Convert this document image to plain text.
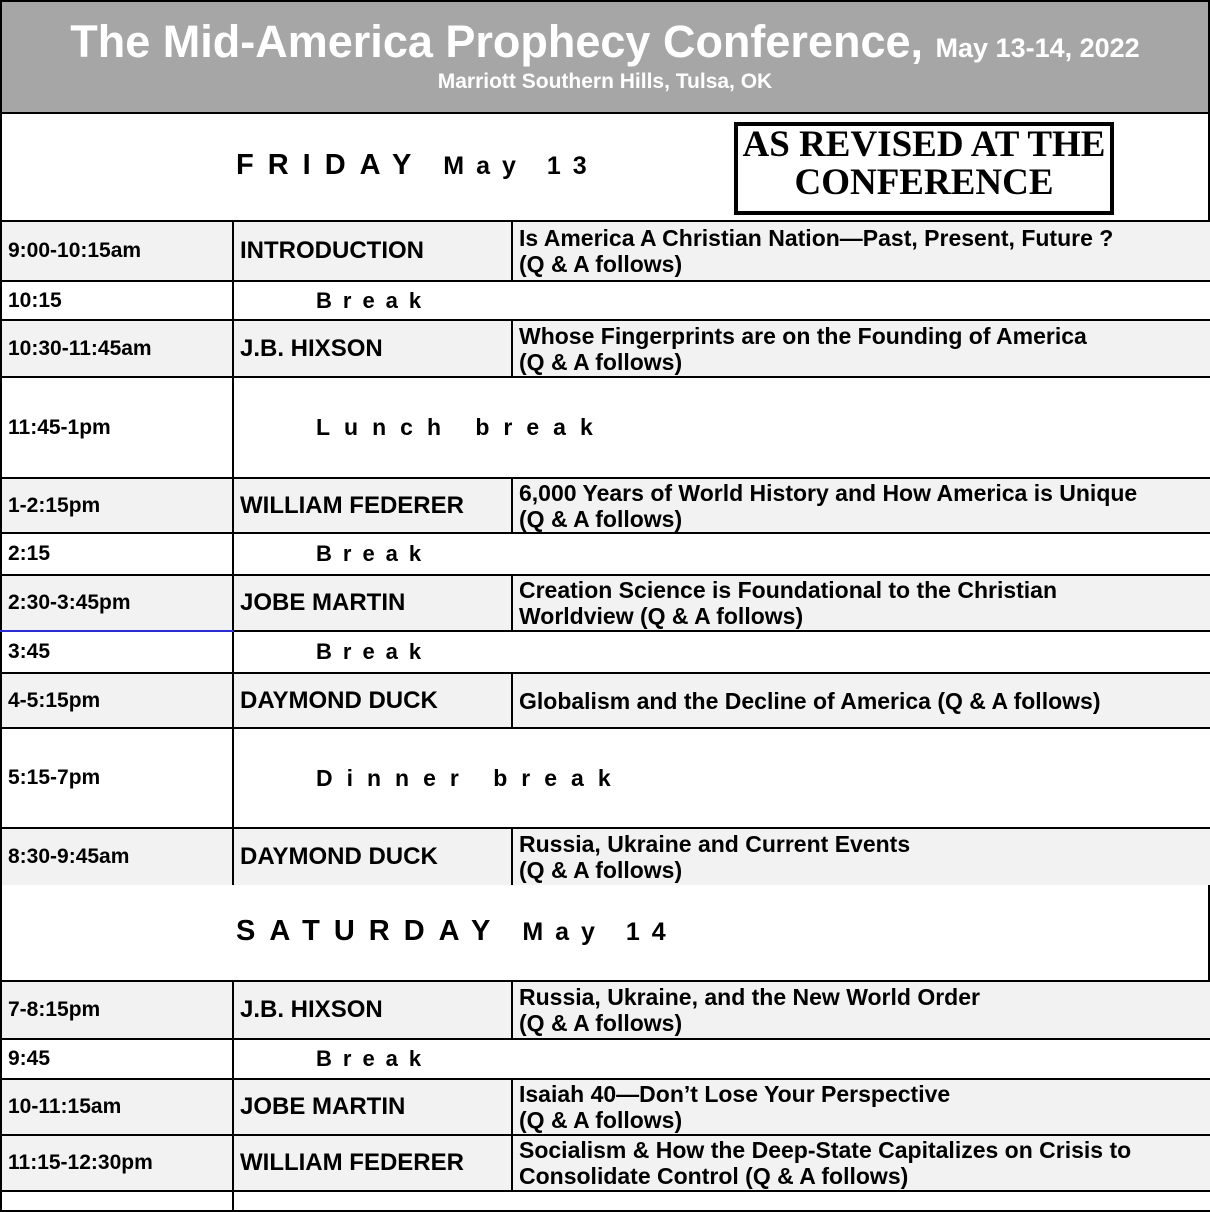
The Mid-America Prophecy Conference, May 13-14, 2022
Marriott Southern Hills, Tulsa, OK
FRIDAY May 13
AS REVISED AT THE
CONFERENCE
9:00-10:15am	INTRODUCTION	Is America A Christian Nation—Past, Present, Future ?
(Q & A follows)

10:15	Break	
10:30-11:45am	J.B. HIXSON	Whose Fingerprints are on the Founding of America
(Q & A follows)

11:45-1pm	Lunch break	
1-2:15pm	WILLIAM FEDERER	6,000 Years of World History and How America is Unique
(Q & A follows)

2:15	Break	
2:30-3:45pm	JOBE MARTIN	Creation Science is Foundational to the Christian
Worldview (Q & A follows)

3:45	Break	
4-5:15pm	DAYMOND DUCK	Globalism and the Decline of America (Q & A follows)

5:15-7pm	Dinner break	
8:30-9:45am	DAYMOND DUCK	Russia, Ukraine and Current Events
(Q & A follows)
SATURDAY May 14
7-8:15pm	J.B. HIXSON	Russia, Ukraine, and the New World Order
(Q & A follows)

9:45	Break	
10-11:15am	JOBE MARTIN	Isaiah 40—Don’t Lose Your Perspective
(Q & A follows)

11:15-12:30pm	WILLIAM FEDERER	Socialism & How the Deep-State Capitalizes on Crisis to
Consolidate Control (Q & A follows)
